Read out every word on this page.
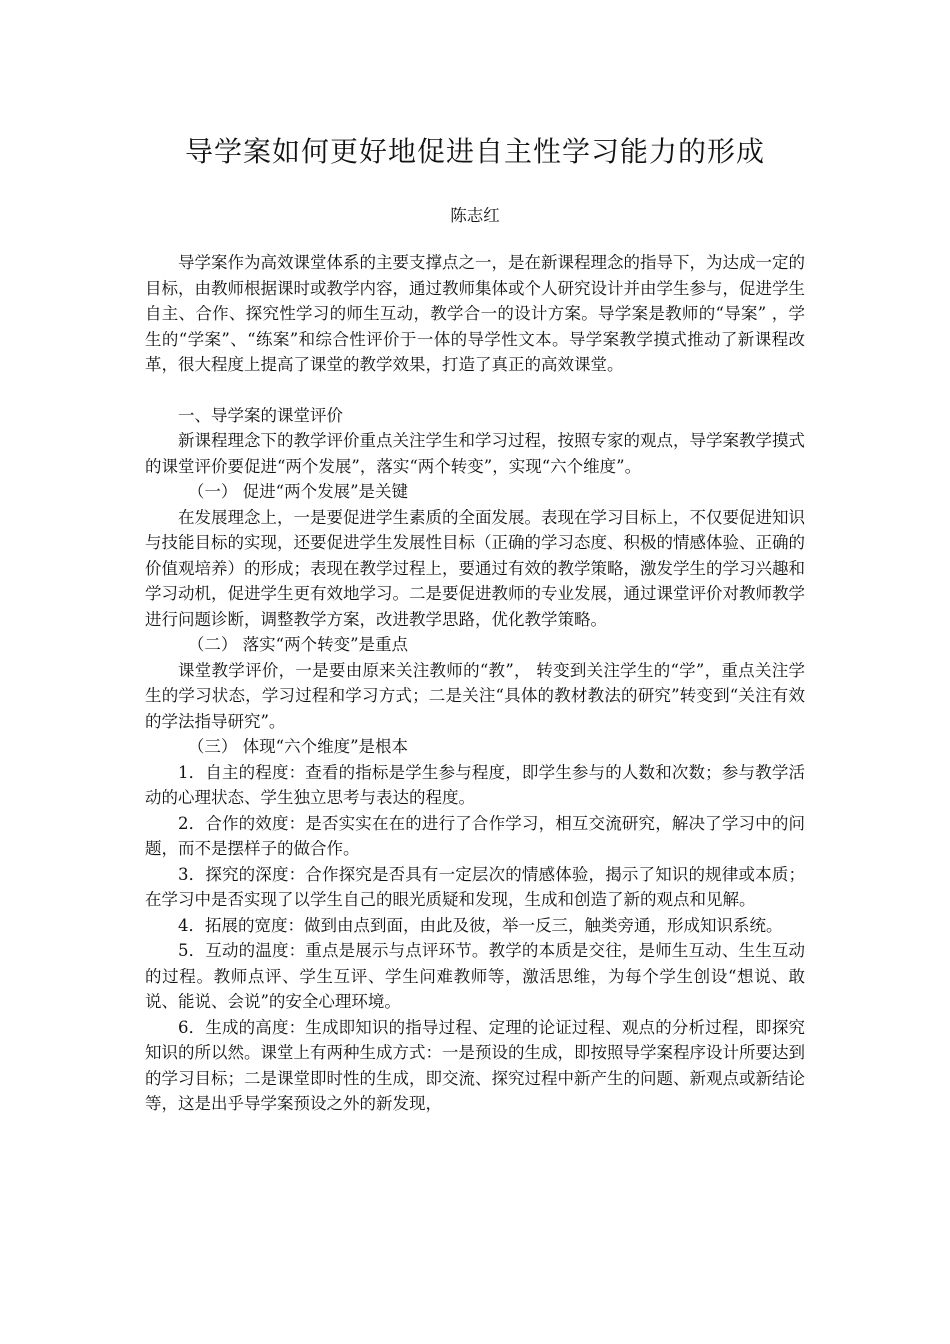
导学案如何更好地促进自主性学习能力的形成
陈志红

导学案作为高效课堂体系的主要支撑点之一，是在新课程理念的指导下，为达成一定的目标，由教师根据课时或教学内容，通过教师集体或个人研究设计并由学生参与，促进学生自主、合作、探究性学习的师生互动，教学合一的设计方案。导学案是教师的“导案” ，学生的“学案”、“练案”和综合性评价于一体的导学性文本。导学案教学摸式推动了新课程改革，很大程度上提高了课堂的教学效果，打造了真正的高效课堂。

一、导学案的课堂评价

新课程理念下的教学评价重点关注学生和学习过程，按照专家的观点，导学案教学摸式的课堂评价要促进“两个发展”，落实“两个转变”，实现“六个维度”。

（一） 促进“两个发展”是关键

在发展理念上，一是要促进学生素质的全面发展。表现在学习目标上，不仅要促进知识与技能目标的实现，还要促进学生发展性目标（正确的学习态度、积极的情感体验、正确的价值观培养）的形成；表现在教学过程上，要通过有效的教学策略，激发学生的学习兴趣和学习动机，促进学生更有效地学习。二是要促进教师的专业发展，通过课堂评价对教师教学进行问题诊断，调整教学方案，改进教学思路，优化教学策略。

（二） 落实“两个转变”是重点

课堂教学评价，一是要由原来关注教师的“教”， 转变到关注学生的“学”，重点关注学生的学习状态，学习过程和学习方式；二是关注“具体的教材教法的研究”转变到“关注有效的学法指导研究”。

（三） 体现“六个维度”是根本

1．自主的程度：查看的指标是学生参与程度，即学生参与的人数和次数；参与教学活动的心理状态、学生独立思考与表达的程度。

2．合作的效度：是否实实在在的进行了合作学习，相互交流研究，解决了学习中的问题，而不是摆样子的做合作。

3．探究的深度：合作探究是否具有一定层次的情感体验，揭示了知识的规律或本质；在学习中是否实现了以学生自己的眼光质疑和发现，生成和创造了新的观点和见解。

4．拓展的宽度：做到由点到面，由此及彼，举一反三，触类旁通，形成知识系统。

5．互动的温度：重点是展示与点评环节。教学的本质是交往，是师生互动、生生互动的过程。教师点评、学生互评、学生问难教师等，激活思维，为每个学生创设“想说、敢说、能说、会说”的安全心理环境。

6．生成的高度：生成即知识的指导过程、定理的论证过程、观点的分析过程，即探究知识的所以然。课堂上有两种生成方式：一是预设的生成，即按照导学案程序设计所要达到的学习目标；二是课堂即时性的生成，即交流、探究过程中新产生的问题、新观点或新结论等，这是出乎导学案预设之外的新发现，
